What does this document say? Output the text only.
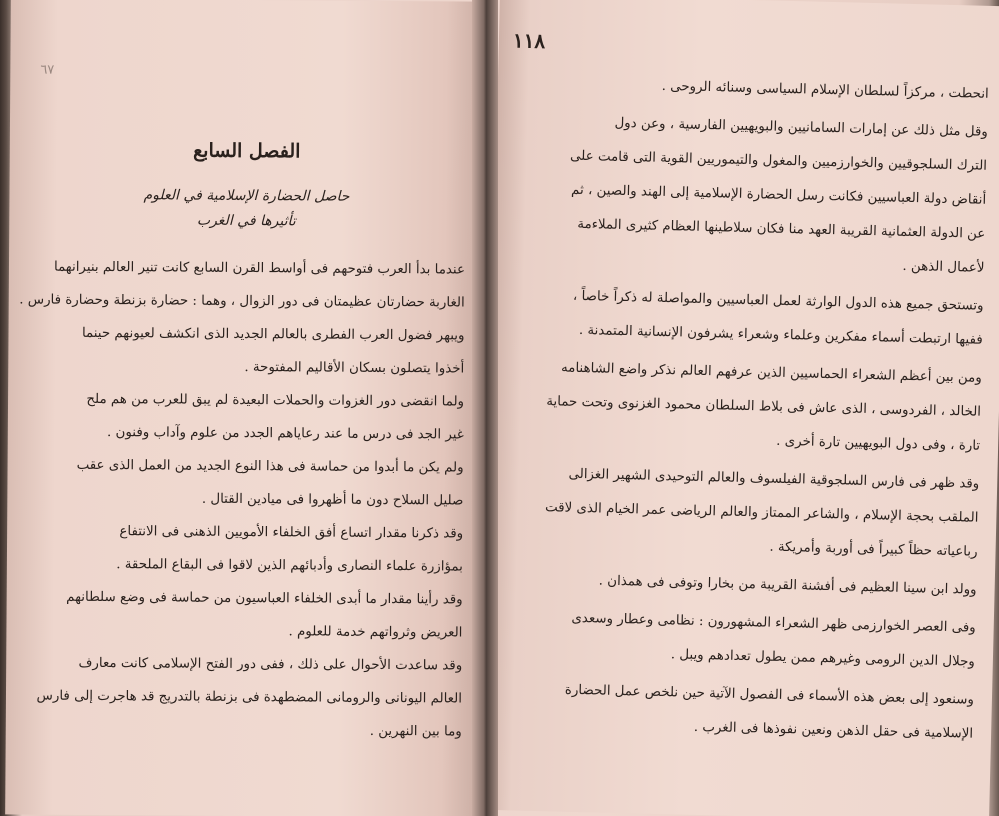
٦٧
الفصل السابع
حاصل الحضارة الإسلامية في العلوم
تأثيرها في الغرب
عندما بدأ العرب فتوحهم فى أواسط القرن السابع كانت تنير العالم بنيرانهما
الغاربة حضارتان عظيمتان فى دور الزوال ، وهما : حضارة بزنطة وحضارة فارس .
ويبهر فضول العرب الفطرى بالعالم الجديد الذى انكشف لعيونهم حينما
أخذوا يتصلون بسكان الأقاليم المفتوحة .
ولما انقضى دور الغزوات والحملات البعيدة لم يبق للعرب من هم ملح
غير الجد فى درس ما عند رعاياهم الجدد من علوم وآداب وفنون .
ولم يكن ما أبدوا من حماسة فى هذا النوع الجديد من العمل الذى عقب
صليل السلاح دون ما أظهروا فى ميادين القتال .
وقد ذكرنا مقدار اتساع أفق الخلفاء الأمويين الذهنى فى الانتفاع
بمؤازرة علماء النصارى وأدبائهم الذين لاقوا فى البقاع الملحقة .
وقد رأينا مقدار ما أبدى الخلفاء العباسيون من حماسة فى وضع سلطانهم
العريض وثرواتهم خدمة للعلوم .
وقد ساعدت الأحوال على ذلك ، ففى دور الفتح الإسلامى كانت معارف
العالم اليونانى والرومانى المضطهدة فى بزنطة بالتدريج قد هاجرت إلى فارس
وما بين النهرين .
١١٨
انحطت ، مركزاً لسلطان الإسلام السياسى وسنائه الروحى .
وقل مثل ذلك عن إمارات السامانيين والبويهيين الفارسية ، وعن دول
الترك السلجوقيين والخوارزميين والمغول والتيموريين القوية التى قامت على
أنقاض دولة العباسيين فكانت رسل الحضارة الإسلامية إلى الهند والصين ، ثم
عن الدولة العثمانية القريبة العهد منا فكان سلاطينها العظام كثيرى الملاءمة
لأعمال الذهن .
وتستحق جميع هذه الدول الوارثة لعمل العباسيين والمواصلة له ذكراً خاصاً ،
ففيها ارتبطت أسماء مفكرين وعلماء وشعراء يشرفون الإنسانية المتمدنة .
ومن بين أعظم الشعراء الحماسيين الذين عرفهم العالم نذكر واضع الشاهنامه
الخالد ، الفردوسى ، الذى عاش فى بلاط السلطان محمود الغزنوى وتحت حماية
تارة ، وفى دول البويهيين تارة أخرى .
وقد ظهر فى فارس السلجوقية الفيلسوف والعالم التوحيدى الشهير الغزالى
الملقب بحجة الإسلام ، والشاعر الممتاز والعالم الرياضى عمر الخيام الذى لاقت
رباعياته حظاً كبيراً فى أوربة وأمريكة .
وولد ابن سينا العظيم فى أفشنة القريبة من بخارا وتوفى فى همذان .
وفى العصر الخوارزمى ظهر الشعراء المشهورون : نظامى وعطار وسعدى
وجلال الدين الرومى وغيرهم ممن يطول تعدادهم ويبل .
وسنعود إلى بعض هذه الأسماء فى الفصول الآتية حين نلخص عمل الحضارة
الإسلامية فى حقل الذهن ونعين نفوذها فى الغرب .
